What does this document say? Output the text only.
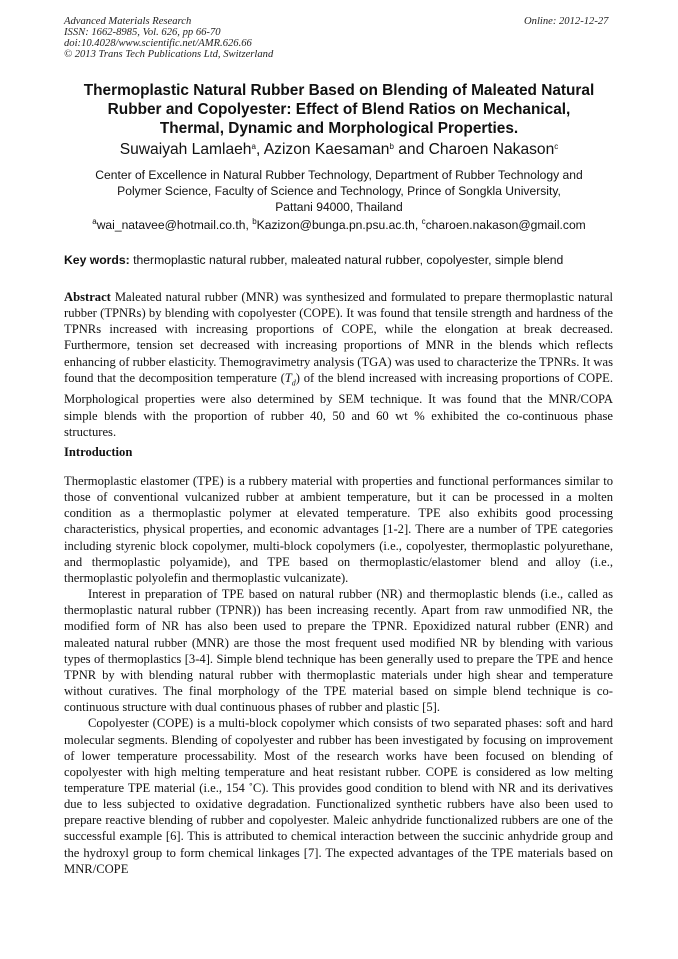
Advanced Materials Research
ISSN: 1662-8985, Vol. 626, pp 66-70
doi:10.4028/www.scientific.net/AMR.626.66
© 2013 Trans Tech Publications Ltd, Switzerland
Online: 2012-12-27
Thermoplastic Natural Rubber Based on Blending of Maleated Natural
Rubber and Copolyester: Effect of Blend Ratios on Mechanical,
Thermal, Dynamic and Morphological Properties.
Suwaiyah Lamlaeh$^a$, Azizon Kaesaman$^b$ and Charoen Nakason$^c$
Center of Excellence in Natural Rubber Technology, Department of Rubber Technology and
Polymer Science, Faculty of Science and Technology, Prince of Songkla University,
Pattani 94000, Thailand
$^a$wai_natavee@hotmail.co.th, $^b$Kazizon@bunga.pn.psu.ac.th, $^c$charoen.nakason@gmail.com
Key words: thermoplastic natural rubber, maleated natural rubber, copolyester, simple blend
Abstract Maleated natural rubber (MNR) was synthesized and formulated to prepare thermoplastic natural rubber (TPNRs) by blending with copolyester (COPE). It was found that tensile strength and hardness of the TPNRs increased with increasing proportions of COPE, while the elongation at break decreased. Furthermore, tension set decreased with increasing proportions of MNR in the blends which reflects enhancing of rubber elasticity. Themogravimetry analysis (TGA) was used to characterize the TPNRs. It was found that the decomposition temperature $(T_d)$ of the blend increased with increasing proportions of COPE. Morphological properties were also determined by SEM technique. It was found that the MNR/COPA simple blends with the proportion of rubber 40, 50 and 60 wt % exhibited the co-continuous phase structures.
Introduction

Thermoplastic elastomer (TPE) is a rubbery material with properties and functional performances similar to those of conventional vulcanized rubber at ambient temperature, but it can be processed in a molten condition as a thermoplastic polymer at elevated temperature. TPE also exhibits good processing characteristics, physical properties, and economic advantages [1-2]. There are a number of TPE categories including styrenic block copolymer, multi-block copolymers (i.e., copolyester, thermoplastic polyurethane, and thermoplastic polyamide), and TPE based on thermoplastic/elastomer blend and alloy (i.e., thermoplastic polyolefin and thermoplastic vulcanizate).

Interest in preparation of TPE based on natural rubber (NR) and thermoplastic blends (i.e., called as thermoplastic natural rubber (TPNR)) has been increasing recently. Apart from raw unmodified NR, the modified form of NR has also been used to prepare the TPNR. Epoxidized natural rubber (ENR) and maleated natural rubber (MNR) are those the most frequent used modified NR by blending with various types of thermoplastics [3-4]. Simple blend technique has been generally used to prepare the TPE and hence TPNR by with blending natural rubber with thermoplastic materials under high shear and temperature without curatives. The final morphology of the TPE material based on simple blend technique is co-continuous structure with dual continuous phases of rubber and plastic [5].

Copolyester (COPE) is a multi-block copolymer which consists of two separated phases: soft and hard molecular segments. Blending of copolyester and rubber has been investigated by focusing on improvement of lower temperature processability. Most of the research works have been focused on blending of copolyester with high melting temperature and heat resistant rubber. COPE is considered as low melting temperature TPE material (i.e., 154 ˚C). This provides good condition to blend with NR and its derivatives due to less subjected to oxidative degradation. Functionalized synthetic rubbers have also been used to prepare reactive blending of rubber and copolyester. Maleic anhydride functionalized rubbers are one of the successful example [6]. This is attributed to chemical interaction between the succinic anhydride group and the hydroxyl group to form chemical linkages [7]. The expected advantages of the TPE materials based on MNR/COPE
